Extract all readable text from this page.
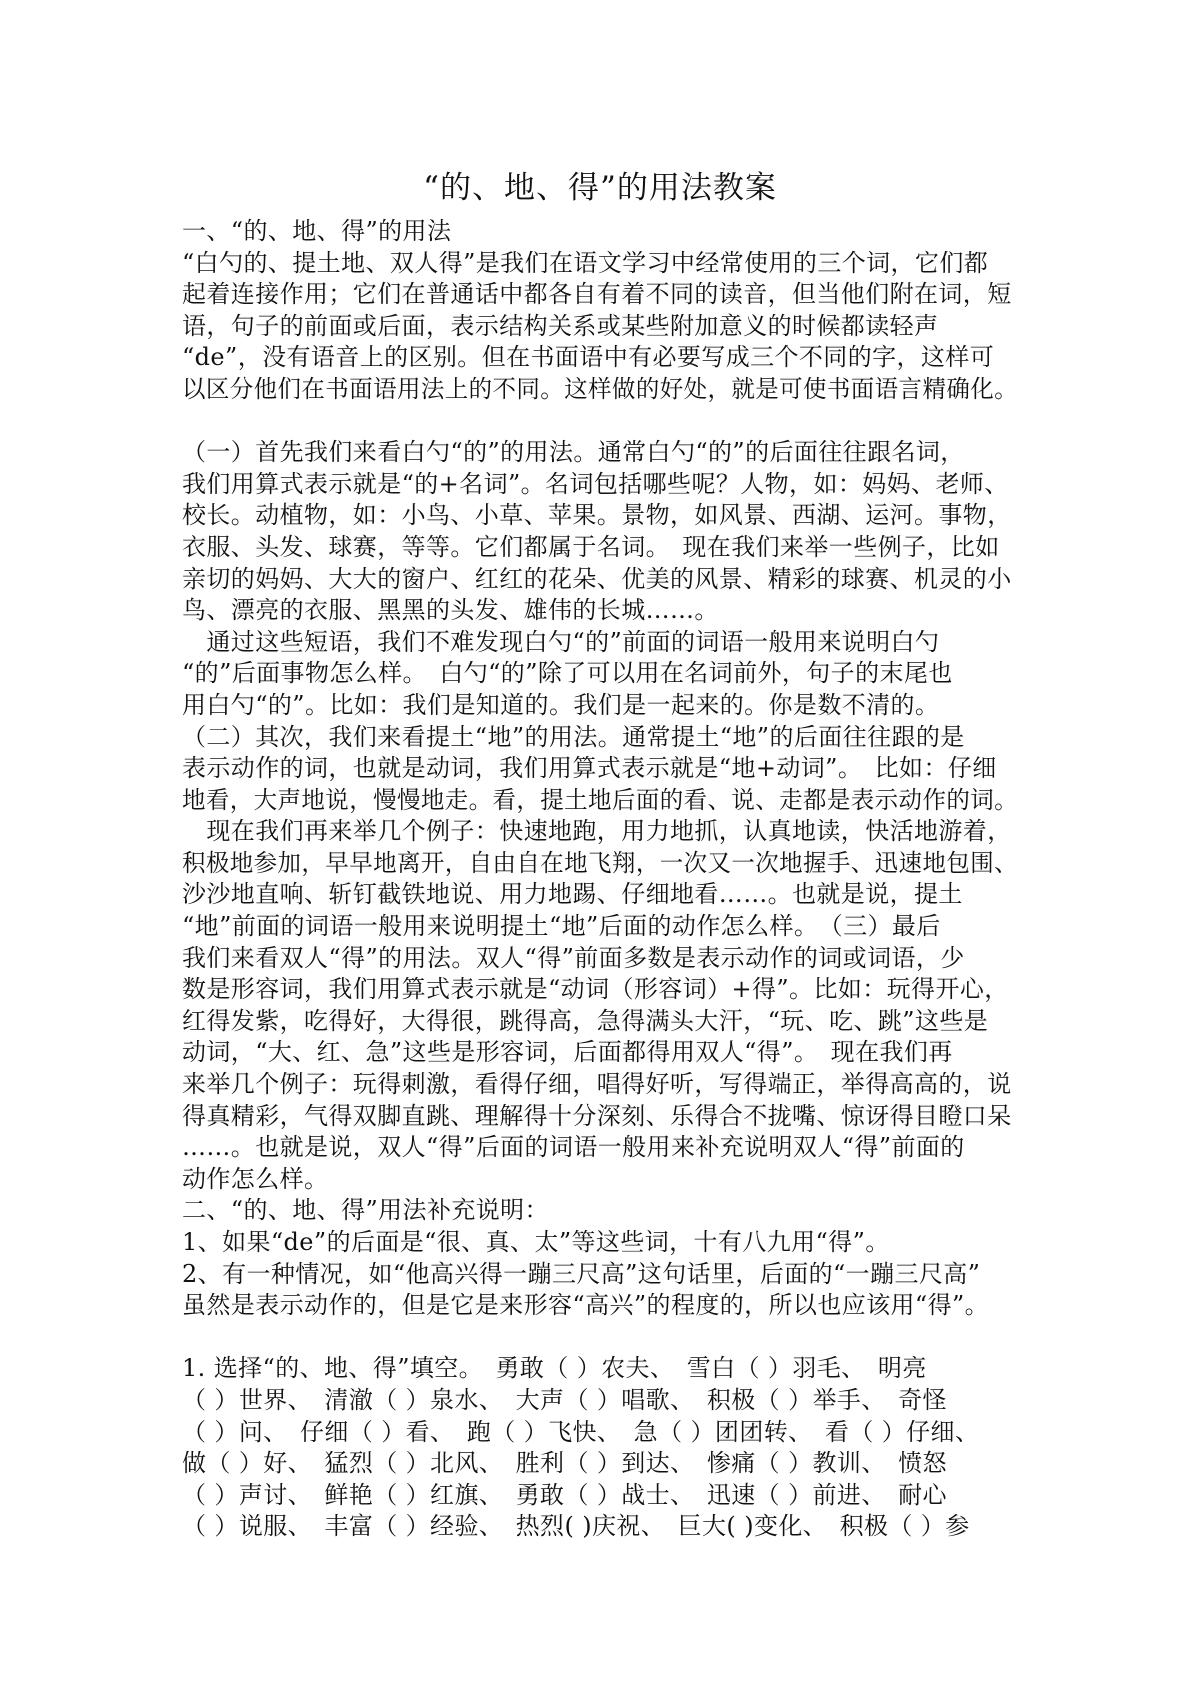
“的、地、得”的用法教案
一、“的、地、得”的用法
“白勺的、提土地、双人得”是我们在语文学习中经常使用的三个词，它们都
起着连接作用；它们在普通话中都各自有着不同的读音，但当他们附在词，短
语，句子的前面或后面，表示结构关系或某些附加意义的时候都读轻声
“de”，没有语音上的区别。但在书面语中有必要写成三个不同的字，这样可
以区分他们在书面语用法上的不同。这样做的好处，就是可使书面语言精确化。
（一）首先我们来看白勺“的”的用法。通常白勺“的”的后面往往跟名词，
我们用算式表示就是“的+名词”。名词包括哪些呢？人物，如：妈妈、老师、
校长。动植物，如：小鸟、小草、苹果。景物，如风景、西湖、运河。事物，
衣服、头发、球赛，等等。它们都属于名词。　现在我们来举一些例子，比如
亲切的妈妈、大大的窗户、红红的花朵、优美的风景、精彩的球赛、机灵的小
鸟、漂亮的衣服、黑黑的头发、雄伟的长城……。
　通过这些短语，我们不难发现白勺“的”前面的词语一般用来说明白勺
“的”后面事物怎么样。　白勺“的”除了可以用在名词前外，句子的末尾也
用白勺“的”。比如：我们是知道的。我们是一起来的。你是数不清的。
（二）其次，我们来看提土“地”的用法。通常提土“地”的后面往往跟的是
表示动作的词，也就是动词，我们用算式表示就是“地+动词”。　比如：仔细
地看，大声地说，慢慢地走。看，提土地后面的看、说、走都是表示动作的词。
　现在我们再来举几个例子：快速地跑，用力地抓，认真地读，快活地游着，
积极地参加，早早地离开，自由自在地飞翔，一次又一次地握手、迅速地包围、
沙沙地直响、斩钉截铁地说、用力地踢、仔细地看……。也就是说，提土
“地”前面的词语一般用来说明提土“地”后面的动作怎么样。　（三）最后
我们来看双人“得”的用法。双人“得”前面多数是表示动作的词或词语，少
数是形容词，我们用算式表示就是“动词（形容词）+得”。比如：玩得开心，
红得发紫，吃得好，大得很，跳得高，急得满头大汗，“玩、吃、跳”这些是
动词，“大、红、急”这些是形容词，后面都得用双人“得”。　现在我们再
来举几个例子：玩得刺激，看得仔细，唱得好听，写得端正，举得高高的，说
得真精彩，气得双脚直跳、理解得十分深刻、乐得合不拢嘴、惊讶得目瞪口呆
……。也就是说，双人“得”后面的词语一般用来补充说明双人“得”前面的
动作怎么样。
二、“的、地、得”用法补充说明：
1、如果“de”的后面是“很、真、太”等这些词，十有八九用“得”。
2、有一种情况，如“他高兴得一蹦三尺高”这句话里，后面的“一蹦三尺高”
虽然是表示动作的，但是它是来形容“高兴”的程度的，所以也应该用“得”。
1. 选择“的、地、得”填空。　勇敢（ ）农夫、　雪白（ ）羽毛、　明亮
（ ）世界、　清澈（ ）泉水、　大声（ ）唱歌、　积极（ ）举手、　奇怪
（ ）问、　仔细（ ）看、　跑（ ）飞快、　急（ ）团团转、　看（ ）仔细、
做（ ）好、　猛烈（ ）北风、　胜利（ ）到达、　惨痛（ ）教训、　愤怒
（ ）声讨、　鲜艳（ ）红旗、　勇敢（ ）战士、　迅速（ ）前进、　耐心
（ ）说服、　丰富（ ）经验、　热烈( )庆祝、　巨大( )变化、　积极（ ）参
